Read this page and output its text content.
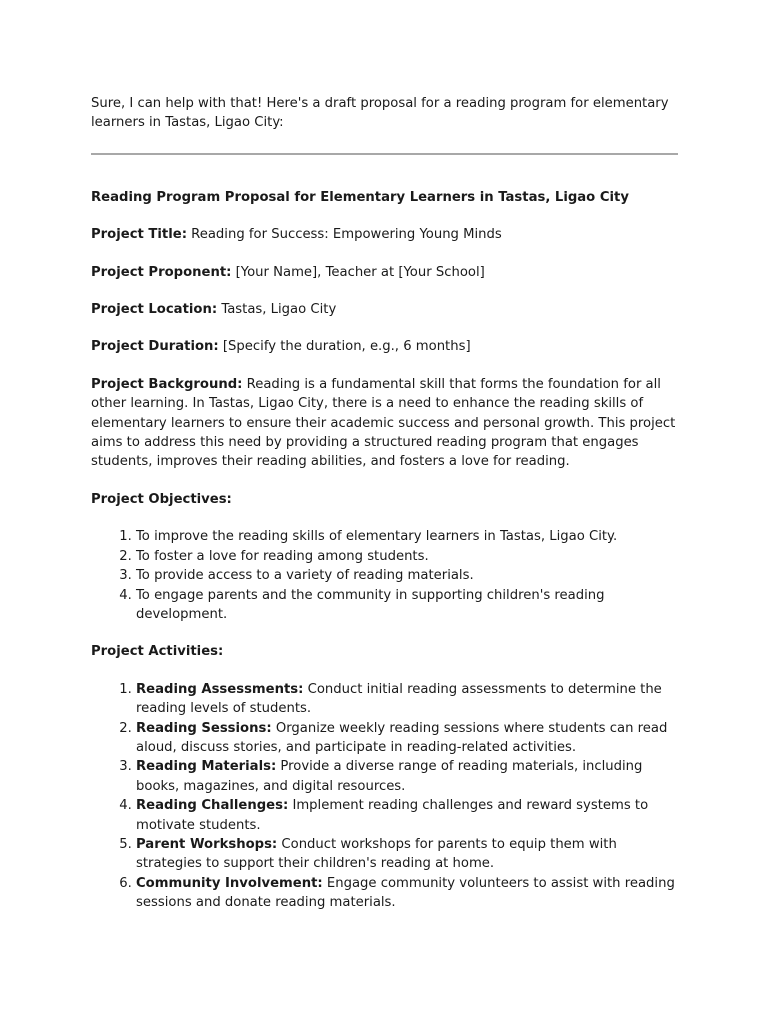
Sure, I can help with that! Here's a draft proposal for a reading program for elementary learners in Tastas, Ligao City:

Reading Program Proposal for Elementary Learners in Tastas, Ligao City

Project Title: Reading for Success: Empowering Young Minds

Project Proponent: [Your Name], Teacher at [Your School]

Project Location: Tastas, Ligao City

Project Duration: [Specify the duration, e.g., 6 months]

Project Background: Reading is a fundamental skill that forms the foundation for all other learning. In Tastas, Ligao City, there is a need to enhance the reading skills of elementary learners to ensure their academic success and personal growth. This project aims to address this need by providing a structured reading program that engages students, improves their reading abilities, and fosters a love for reading.

Project Objectives:

1. To improve the reading skills of elementary learners in Tastas, Ligao City.
2. To foster a love for reading among students.
3. To provide access to a variety of reading materials.
4. To engage parents and the community in supporting children's reading development.

Project Activities:

1. Reading Assessments: Conduct initial reading assessments to determine the reading levels of students.
2. Reading Sessions: Organize weekly reading sessions where students can read aloud, discuss stories, and participate in reading-related activities.
3. Reading Materials: Provide a diverse range of reading materials, including books, magazines, and digital resources.
4. Reading Challenges: Implement reading challenges and reward systems to motivate students.
5. Parent Workshops: Conduct workshops for parents to equip them with strategies to support their children's reading at home.
6. Community Involvement: Engage community volunteers to assist with reading sessions and donate reading materials.
